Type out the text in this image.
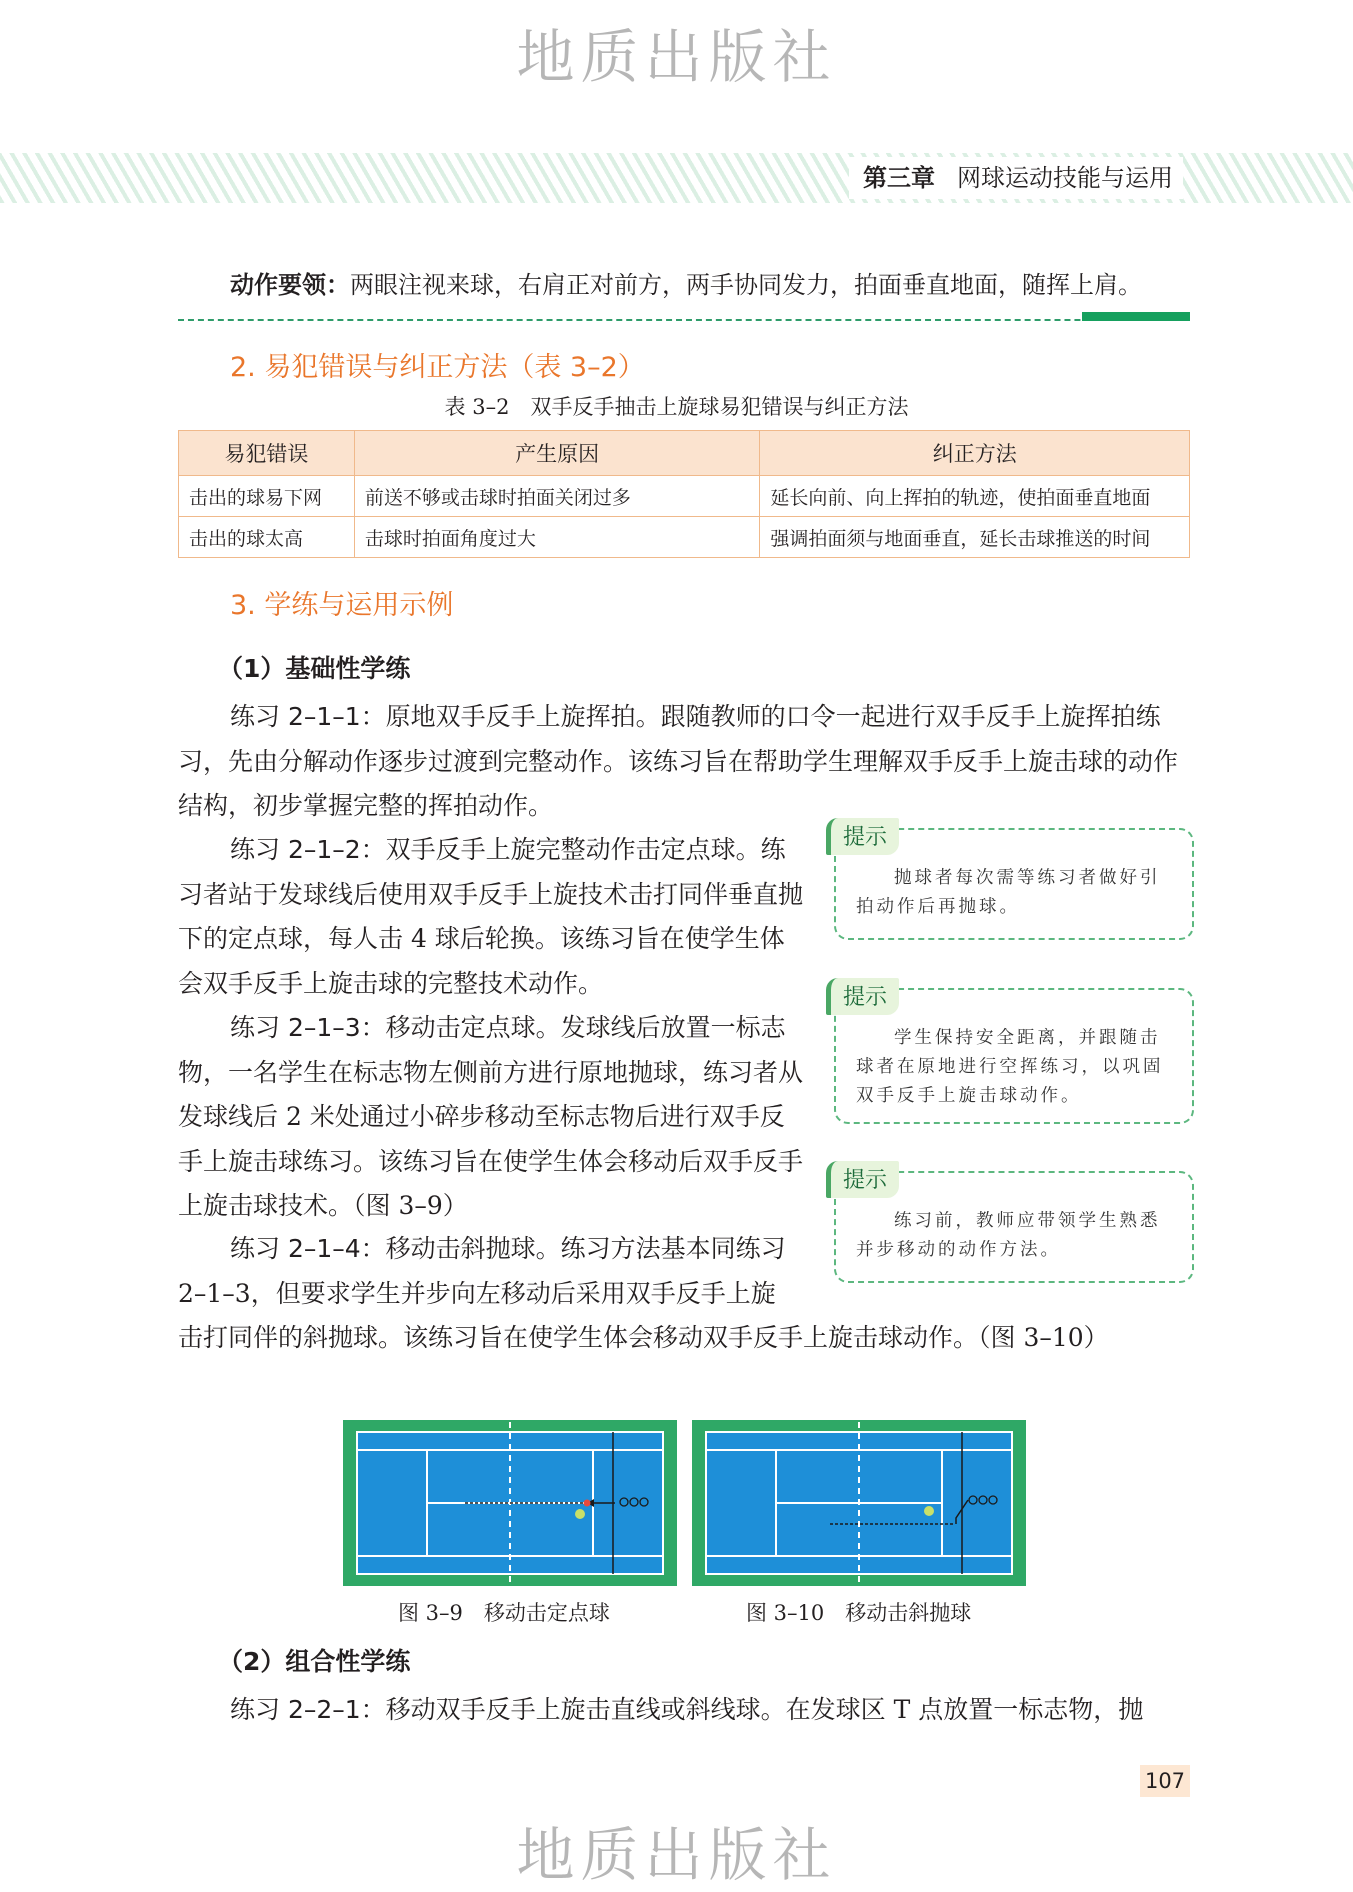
地质出版社
第三章 网球运动技能与运用
动作要领：两眼注视来球，右肩正对前方，两手协同发力，拍面垂直地面，随挥上肩。
2. 易犯错误与纠正方法（表 3–2）
表 3–2　双手反手抽击上旋球易犯错误与纠正方法
易犯错误	产生原因	纠正方法
击出的球易下网	前送不够或击球时拍面关闭过多	延长向前、向上挥拍的轨迹，使拍面垂直地面
击出的球太高	击球时拍面角度过大	强调拍面须与地面垂直，延长击球推送的时间
3. 学练与运用示例
（1）基础性学练

练习 2–1–1：原地双手反手上旋挥拍。跟随教师的口令一起进行双手反手上旋挥拍练习，先由分解动作逐步过渡到完整动作。该练习旨在帮助学生理解双手反手上旋击球的动作结构，初步掌握完整的挥拍动作。

练习 2–1–2：双手反手上旋完整动作击定点球。练习者站于发球线后使用双手反手上旋技术击打同伴垂直抛下的定点球，每人击 4 球后轮换。该练习旨在使学生体会双手反手上旋击球的完整技术动作。

练习 2–1–3：移动击定点球。发球线后放置一标志物，一名学生在标志物左侧前方进行原地抛球，练习者从发球线后 2 米处通过小碎步移动至标志物后进行双手反手上旋击球练习。该练习旨在使学生体会移动后双手反手上旋击球技术。（图 3–9）

练习 2–1–4：移动击斜抛球。练习方法基本同练习 2–1–3，但要求学生并步向左移动后采用双手反手上旋击打同伴的斜抛球。该练习旨在使学生体会移动双手反手上旋击球动作。（图 3–10）

提示
抛球者每次需等练习者做好引拍动作后再抛球。
提示
学生保持安全距离，并跟随击球者在原地进行空挥练习，以巩固双手反手上旋击球动作。
提示
练习前，教师应带领学生熟悉并步移动的动作方法。
图 3–9　移动击定点球	图 3–10　移动击斜抛球
（2）组合性学练

练习 2–2–1：移动双手反手上旋击直线或斜线球。在发球区 T 点放置一标志物，抛

107
地质出版社
